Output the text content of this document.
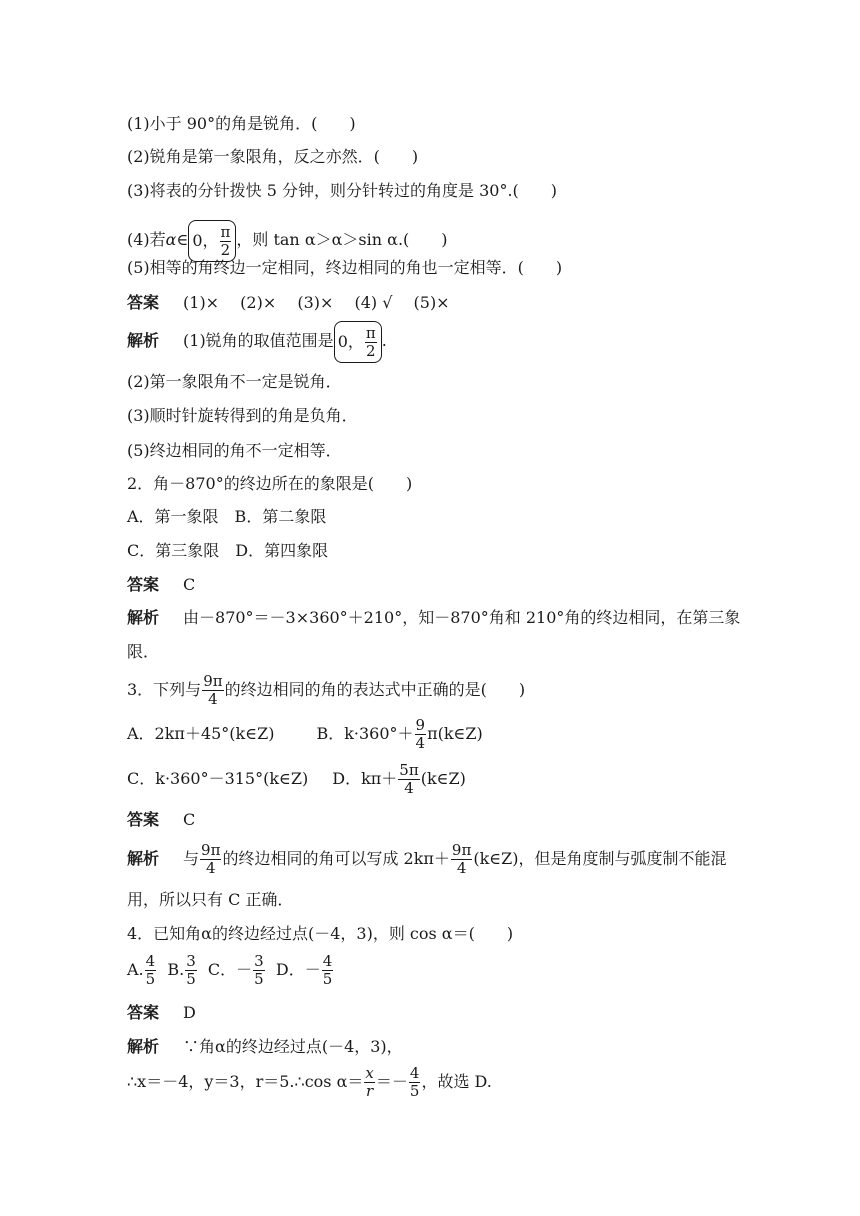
(1)小于 90°的角是锐角．(　　)
(2)锐角是第一象限角，反之亦然．(　　)
(3)将表的分针拨快 5 分钟，则分针转过的角度是 30°.(　　)
(4)若α∈ 0， $\frac{\pi}{2}$ ，则 tan α＞α＞sin α.(　　)
(5)相等的角终边一定相同，终边相同的角也一定相等．(　　)
答案 (1)× 　(2)× 　(3)× 　(4) √ 　(5)×
解析 (1)锐角的取值范围是 0， $\frac{\pi}{2}$ .
(2)第一象限角不一定是锐角．
(3)顺时针旋转得到的角是负角．
(5)终边相同的角不一定相等．
2．角－870°的终边所在的象限是(　　)
A．第一象限　B．第二象限
C．第三象限　D．第四象限
答案 C
解析 由－870°＝－3×360°＋210°，知－870°角和 210°角的终边相同，在第三象
限．
3．下列与 $\frac{9\pi}{4}$ 的终边相同的角的表达式中正确的是(　　)
A．2kπ＋45°(k∈Z)	B．$k\cdot 360^\circ+ \frac{9}{4}$ π(k∈Z)
C．k·360°－315°(k∈Z) D．$k\pi+ \frac{5\pi}{4}$ (k∈Z)
答案 C
解析 与 $\frac{9\pi}{4}$ 的终边相同的角可以写成 $2k\pi+ \frac{9\pi}{4}$ (k∈Z)，但是角度制与弧度制不能混
用，所以只有 C 正确．
4．已知角α的终边经过点(－4，3)，则 cos α＝(　　)
A. $\frac{4}{5} B$. $\frac{3}{5}$ C．－ $\frac{3}{5}$ D．－ $\frac{4}{5}$
答案 D
解析 ∵角α的终边经过点(－4，3)，
∴x＝－4，y＝3，r＝5.∴cos $\alpha= \frac{x}{r} =- \frac{4}{5}$ ，故选 D.
